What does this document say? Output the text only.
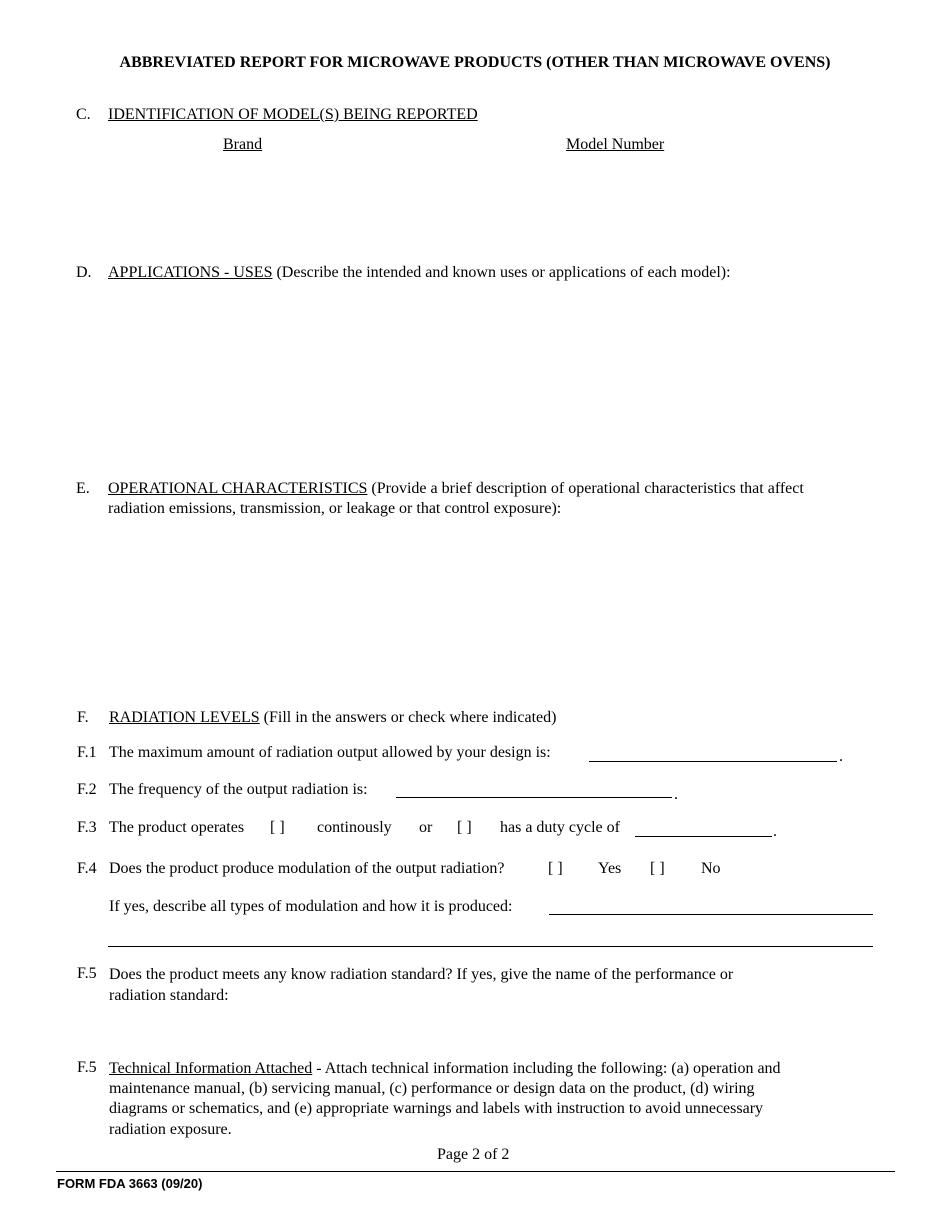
ABBREVIATED REPORT FOR MICROWAVE PRODUCTS (OTHER THAN MICROWAVE OVENS)
C. IDENTIFICATION OF MODEL(S) BEING REPORTED
Brand	Model Number
D. APPLICATIONS - USES (Describe the intended and known uses or applications of each model):
E. OPERATIONAL CHARACTERISTICS (Provide a brief description of operational characteristics that affect
radiation emissions, transmission, or leakage or that control exposure):
F. RADIATION LEVELS (Fill in the answers or check where indicated)
F.1 The maximum amount of radiation output allowed by your design is:	.
F.2 The frequency of the output radiation is:	.
F.3 The product operates [ ] continously or [ ] has a duty cycle of	.
F.4 Does the product produce modulation of the output radiation?	[ ] Yes [ ] No
If yes, describe all types of modulation and how it is produced:
F.5 Does the product meets any know radiation standard? If yes, give the name of the performance or
radiation standard:
F.5 Technical Information Attached - Attach technical information including the following: (a) operation and
maintenance manual, (b) servicing manual, (c) performance or design data on the product, (d) wiring
diagrams or schematics, and (e) appropriate warnings and labels with instruction to avoid unnecessary
radiation exposure.
Page 2 of 2
FORM FDA 3663 (09/20)
